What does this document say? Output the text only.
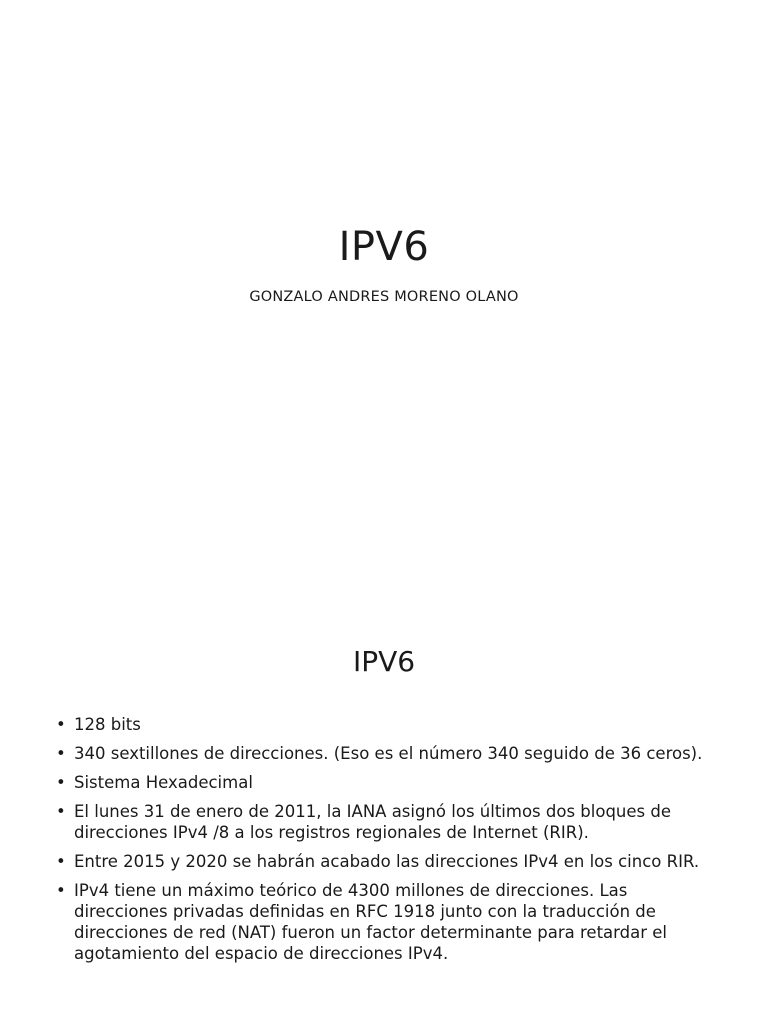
IPV6
GONZALO ANDRES MORENO OLANO
IPV6
• 128 bits
• 340 sextillones de direcciones. (Eso es el número 340 seguido de 36 ceros).
• Sistema Hexadecimal
• El lunes 31 de enero de 2011, la IANA asignó los últimos dos bloques de direcciones IPv4 /8 a los registros regionales de Internet (RIR).
• Entre 2015 y 2020 se habrán acabado las direcciones IPv4 en los cinco RIR.
• IPv4 tiene un máximo teórico de 4300 millones de direcciones. Las direcciones privadas definidas en RFC 1918 junto con la traducción de direcciones de red (NAT) fueron un factor determinante para retardar el agotamiento del espacio de direcciones IPv4.
